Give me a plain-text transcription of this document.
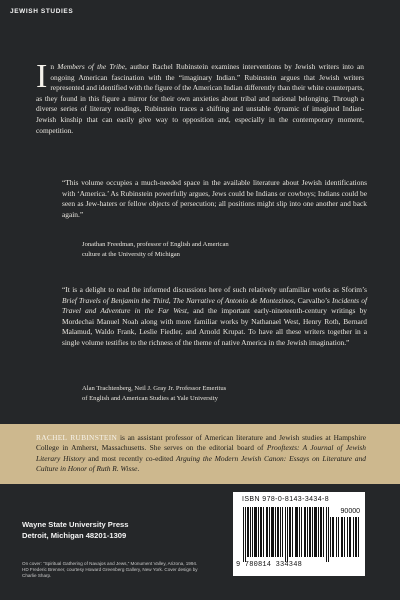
JEWISH STUDIES

In Members of the Tribe, author Rachel Rubinstein examines interventions by Jewish writers into an ongoing American fascination with the “imaginary Indian.” Rubinstein argues that Jewish writers represented and identified with the figure of the American Indian differently than their white counterparts, as they found in this figure a mirror for their own anxieties about tribal and national belonging. Through a diverse series of literary readings, Rubinstein traces a shifting and unstable dynamic of imagined Indian-Jewish kinship that can easily give way to opposition and, especially in the contemporary moment, competition.

“This volume occupies a much-needed space in the available literature about Jewish identifications with ‘America.’ As Rubinstein powerfully argues, Jews could be Indians or cowboys; Indians could be seen as Jew-haters or fellow objects of persecution; all positions might slip into one another and back again.”

Jonathan Freedman, professor of English and American
culture at the University of Michigan

“It is a delight to read the informed discussions here of such relatively unfamiliar works as Sforim’s Brief Travels of Benjamin the Third, The Narrative of Antonio de Montezinos, Carvalho’s Incidents of Travel and Adventure in the Far West, and the important early-nineteenth-century writings by Mordechai Manuel Noah along with more familiar works by Nathanael West, Henry Roth, Bernard Malamud, Waldo Frank, Leslie Fiedler, and Arnold Krupat. To have all these writers together in a single volume testifies to the richness of the theme of native America in the Jewish imagination.”

Alan Trachtenberg, Neil J. Gray Jr. Professor Emeritus
of English and American Studies at Yale University

RACHEL RUBINSTEIN is an assistant professor of American literature and Jewish studies at Hampshire College in Amherst, Massachusetts. She serves on the editorial board of Prooftexts: A Journal of Jewish Literary History and most recently co-edited Arguing the Modern Jewish Canon: Essays on Literature and Culture in Honor of Ruth R. Wisse.

Wayne State University Press
Detroit, Michigan 48201-1309
On cover: “Spiritual Gathering of Navajos and Jews,” Monument Valley, Arizona, 1994. HD Frederic Brenner, courtesy Howard Greenberg Gallery, New York. Cover design by Charlie Sharp.
ISBN 978-0-8143-3434-8
90000
9 780814 334348
